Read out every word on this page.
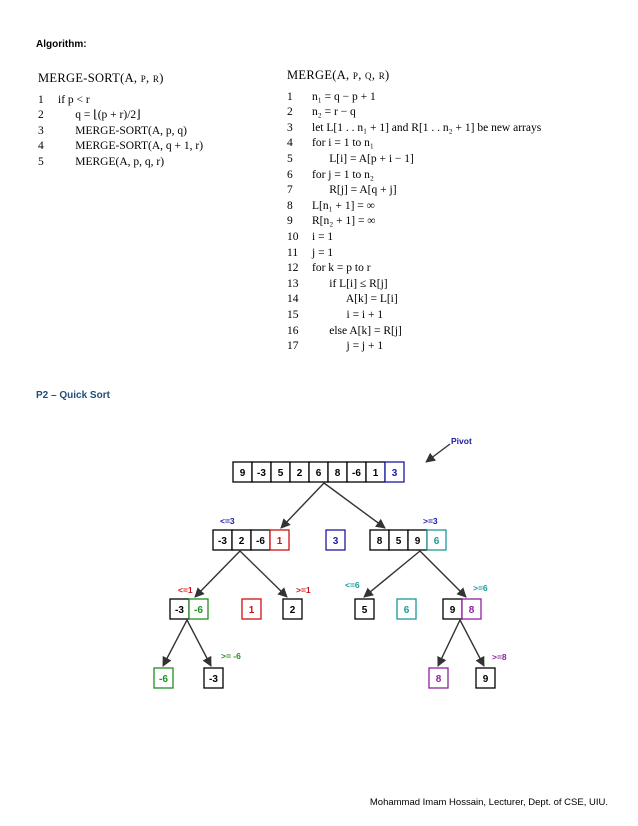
Algorithm:
MERGE-SORT(A, p, r)
1	if p < r
2	q = ⌊(p + r)/2⌋
3	MERGE-SORT(A, p, q)
4	MERGE-SORT(A, q + 1, r)
5	MERGE(A, p, q, r)
MERGE(A, p, q, r)
1	n₁ = q − p + 1
2	n₂ = r − q
3	let L[1 . . n₁ + 1] and R[1 . . n₂ + 1] be new arrays
4	for i = 1 to n₁
5	L[i] = A[p + i − 1]
6	for j = 1 to n₂
7	R[j] = A[q + j]
8	L[n₁ + 1] = ∞
9	R[n₂ + 1] = ∞
10	i = 1
11	j = 1
12	for k = p to r
13	if L[i] ≤ R[j]
14	A[k] = L[i]
15	i = i + 1
16	else A[k] = R[j]
17	j = j + 1
P2 – Quick Sort
9 -3 5 2 6 8 -6 1 3
-3 2 -6 1	3	8 5 9 6
-3 -6	1	2	5	6	9 8
-6	-3	8	9
Pivot
<=3	>=3
<=1	>=1	<=6	>=6
>= -6	>=8
Mohammad Imam Hossain, Lecturer, Dept. of CSE, UIU.
